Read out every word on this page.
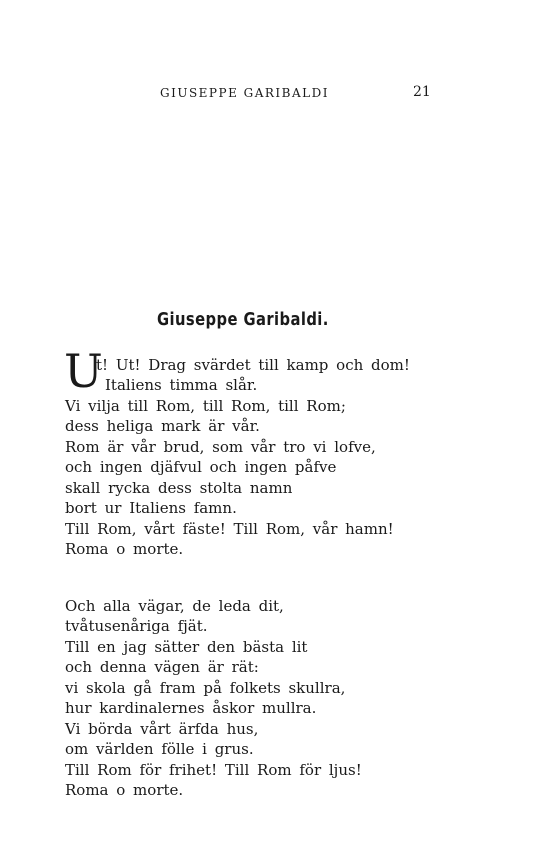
GIUSEPPE GARIBALDI	21
Giuseppe Garibaldi.
U
t! Ut! Drag svärdet till kamp och dom!
Italiens timma slår.
Vi vilja till Rom, till Rom, till Rom;
dess heliga mark är vår.
Rom är vår brud, som vår tro vi lofve,
och ingen djäfvul och ingen påfve
skall rycka dess stolta namn
bort ur Italiens famn.
Till Rom, vårt fäste! Till Rom, vår hamn!
Roma o morte.
Och alla vägar, de leda dit,
tvåtusenåriga fjät.
Till en jag sätter den bästa lit
och denna vägen är rät:
vi skola gå fram på folkets skullra,
hur kardinalernes åskor mullra.
Vi börda vårt ärfda hus,
om världen fölle i grus.
Till Rom för frihet! Till Rom för ljus!
Roma o morte.
